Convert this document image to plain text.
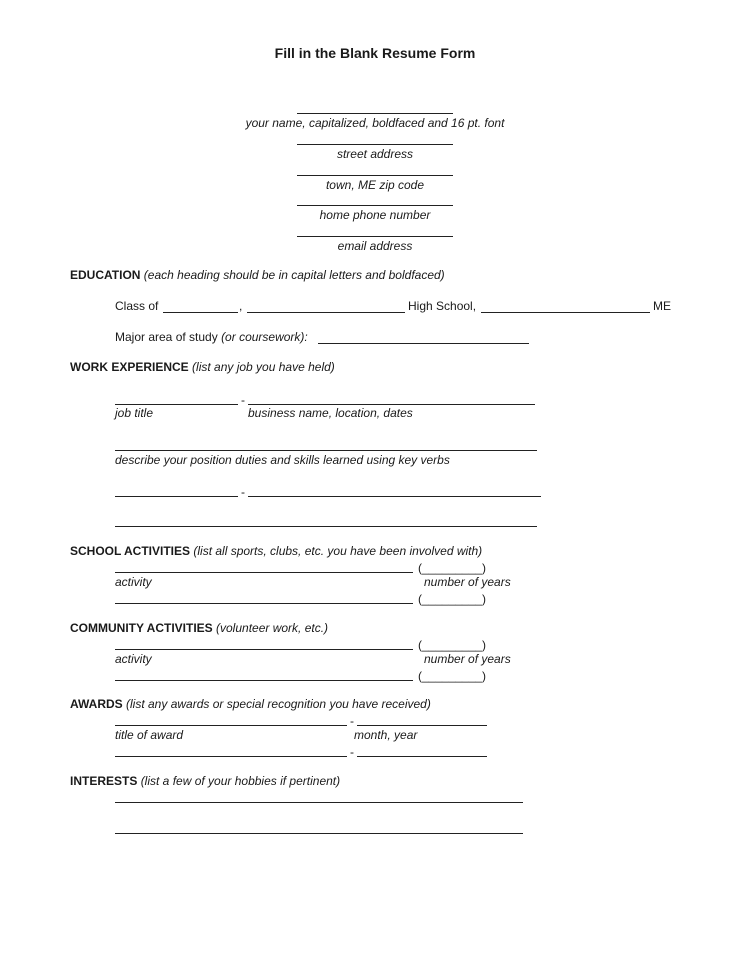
Fill in the Blank Resume Form
your name, capitalized, boldfaced and 16 pt. font
street address
town, ME zip code
home phone number
email address
EDUCATION (each heading should be in capital letters and boldfaced)
Class of	,	High School,	ME
Major area of study (or coursework):
WORK EXPERIENCE (list any job you have held)
-
job title	business name, location, dates
describe your position duties and skills learned using key verbs
-
SCHOOL ACTIVITIES (list all sports, clubs, etc. you have been involved with)
(_________)
activity	number of years
(_________)
COMMUNITY ACTIVITIES (volunteer work, etc.)
(_________)
activity	number of years
(_________)
AWARDS (list any awards or special recognition you have received)
-
title of award	month, year
-
INTERESTS (list a few of your hobbies if pertinent)
